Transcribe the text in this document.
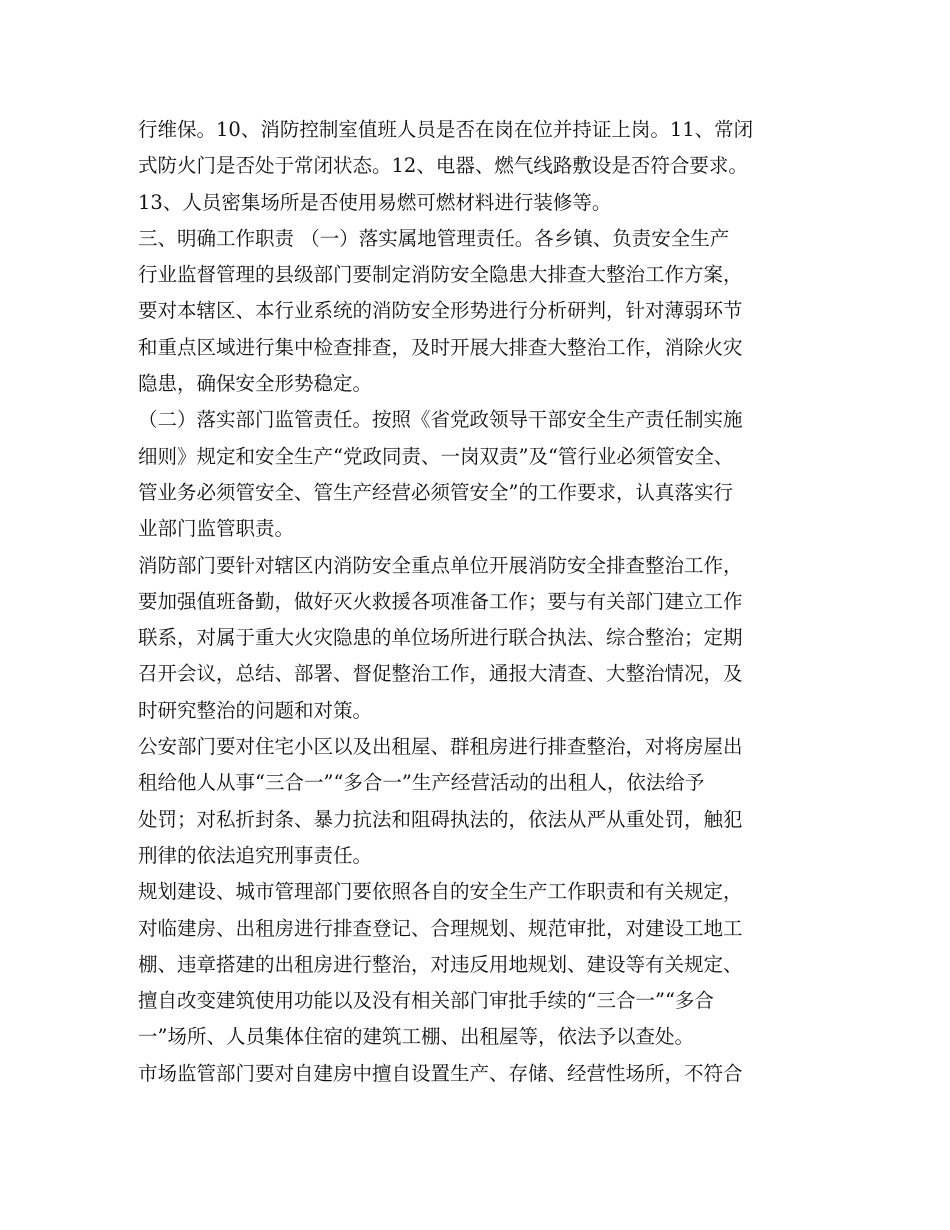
行维保。10、消防控制室值班人员是否在岗在位并持证上岗。11、常闭
式防火门是否处于常闭状态。12、电器、燃气线路敷设是否符合要求。
13、人员密集场所是否使用易燃可燃材料进行装修等。
三、明确工作职责 （一）落实属地管理责任。各乡镇、负责安全生产
行业监督管理的县级部门要制定消防安全隐患大排查大整治工作方案，
要对本辖区、本行业系统的消防安全形势进行分析研判，针对薄弱环节
和重点区域进行集中检查排查，及时开展大排查大整治工作，消除火灾
隐患，确保安全形势稳定。
（二）落实部门监管责任。按照《省党政领导干部安全生产责任制实施
细则》规定和安全生产“党政同责、一岗双责”及“管行业必须管安全、
管业务必须管安全、管生产经营必须管安全”的工作要求，认真落实行
业部门监管职责。
消防部门要针对辖区内消防安全重点单位开展消防安全排查整治工作，
要加强值班备勤，做好灭火救援各项准备工作；要与有关部门建立工作
联系，对属于重大火灾隐患的单位场所进行联合执法、综合整治；定期
召开会议，总结、部署、督促整治工作，通报大清查、大整治情况，及
时研究整治的问题和对策。
公安部门要对住宅小区以及出租屋、群租房进行排查整治，对将房屋出
租给他人从事“三合一”“多合一”生产经营活动的出租人，依法给予
处罚；对私折封条、暴力抗法和阻碍执法的，依法从严从重处罚，触犯
刑律的依法追究刑事责任。
规划建设、城市管理部门要依照各自的安全生产工作职责和有关规定，
对临建房、出租房进行排查登记、合理规划、规范审批，对建设工地工
棚、违章搭建的出租房进行整治，对违反用地规划、建设等有关规定、
擅自改变建筑使用功能以及没有相关部门审批手续的“三合一”“多合
一”场所、人员集体住宿的建筑工棚、出租屋等，依法予以查处。
市场监管部门要对自建房中擅自设置生产、存储、经营性场所，不符合
